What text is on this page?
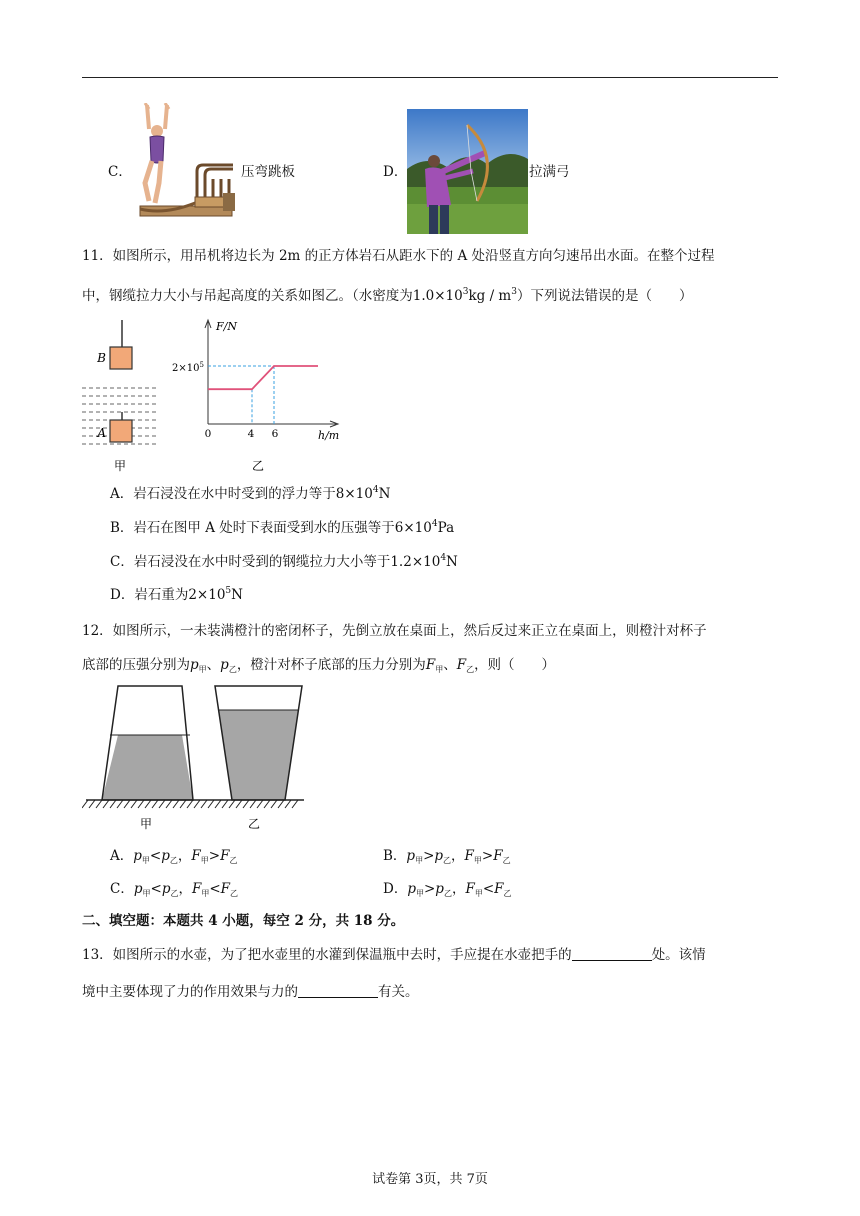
C．	压弯跳板	D．	拉满弓
11．如图所示，用吊机将边长为 2m 的正方体岩石从距水下的 A 处沿竖直方向匀速吊出水面。在整个过程
中，钢缆拉力大小与吊起高度的关系如图乙。（水密度为$1.0\times 10^3kg / m^3$）下列说法错误的是（　　）
B
A
甲
F/N
h/m
$2\times 10^5$
0	4 6
乙
A．岩石浸没在水中时受到的浮力等于$8\times 10^4N$
B．岩石在图甲 A 处时下表面受到水的压强等于$6\times 10^4Pa$
C．岩石浸没在水中时受到的钢缆拉力大小等于$1.2\times 10^4N$
D．岩石重为$2\times 10^5N$
12．如图所示，一未装满橙汁的密闭杯子，先倒立放在桌面上，然后反过来正立在桌面上，则橙汁对杯子
底部的压强分别为$p_甲$、$p_乙$，橙汁对杯子底部的压力分别为$F_甲$、$F_乙$，则（　　）
甲	乙
A．$p_甲<p_乙$，$F_甲>F_乙$	B．$p_甲>p_乙$，$F_甲>F_乙$
C．$p_甲<p_乙$，$F_甲<F_乙$	D．$p_甲>p_乙$，$F_甲<F_乙$
二、填空题：本题共 4 小题，每空 2 分，共 18 分。
13．如图所示的水壶，为了把水壶里的水灌到保温瓶中去时，手应提在水壶把手的	处。该情
境中主要体现了力的作用效果与力的	有关。
试卷第 3页，共 7页
